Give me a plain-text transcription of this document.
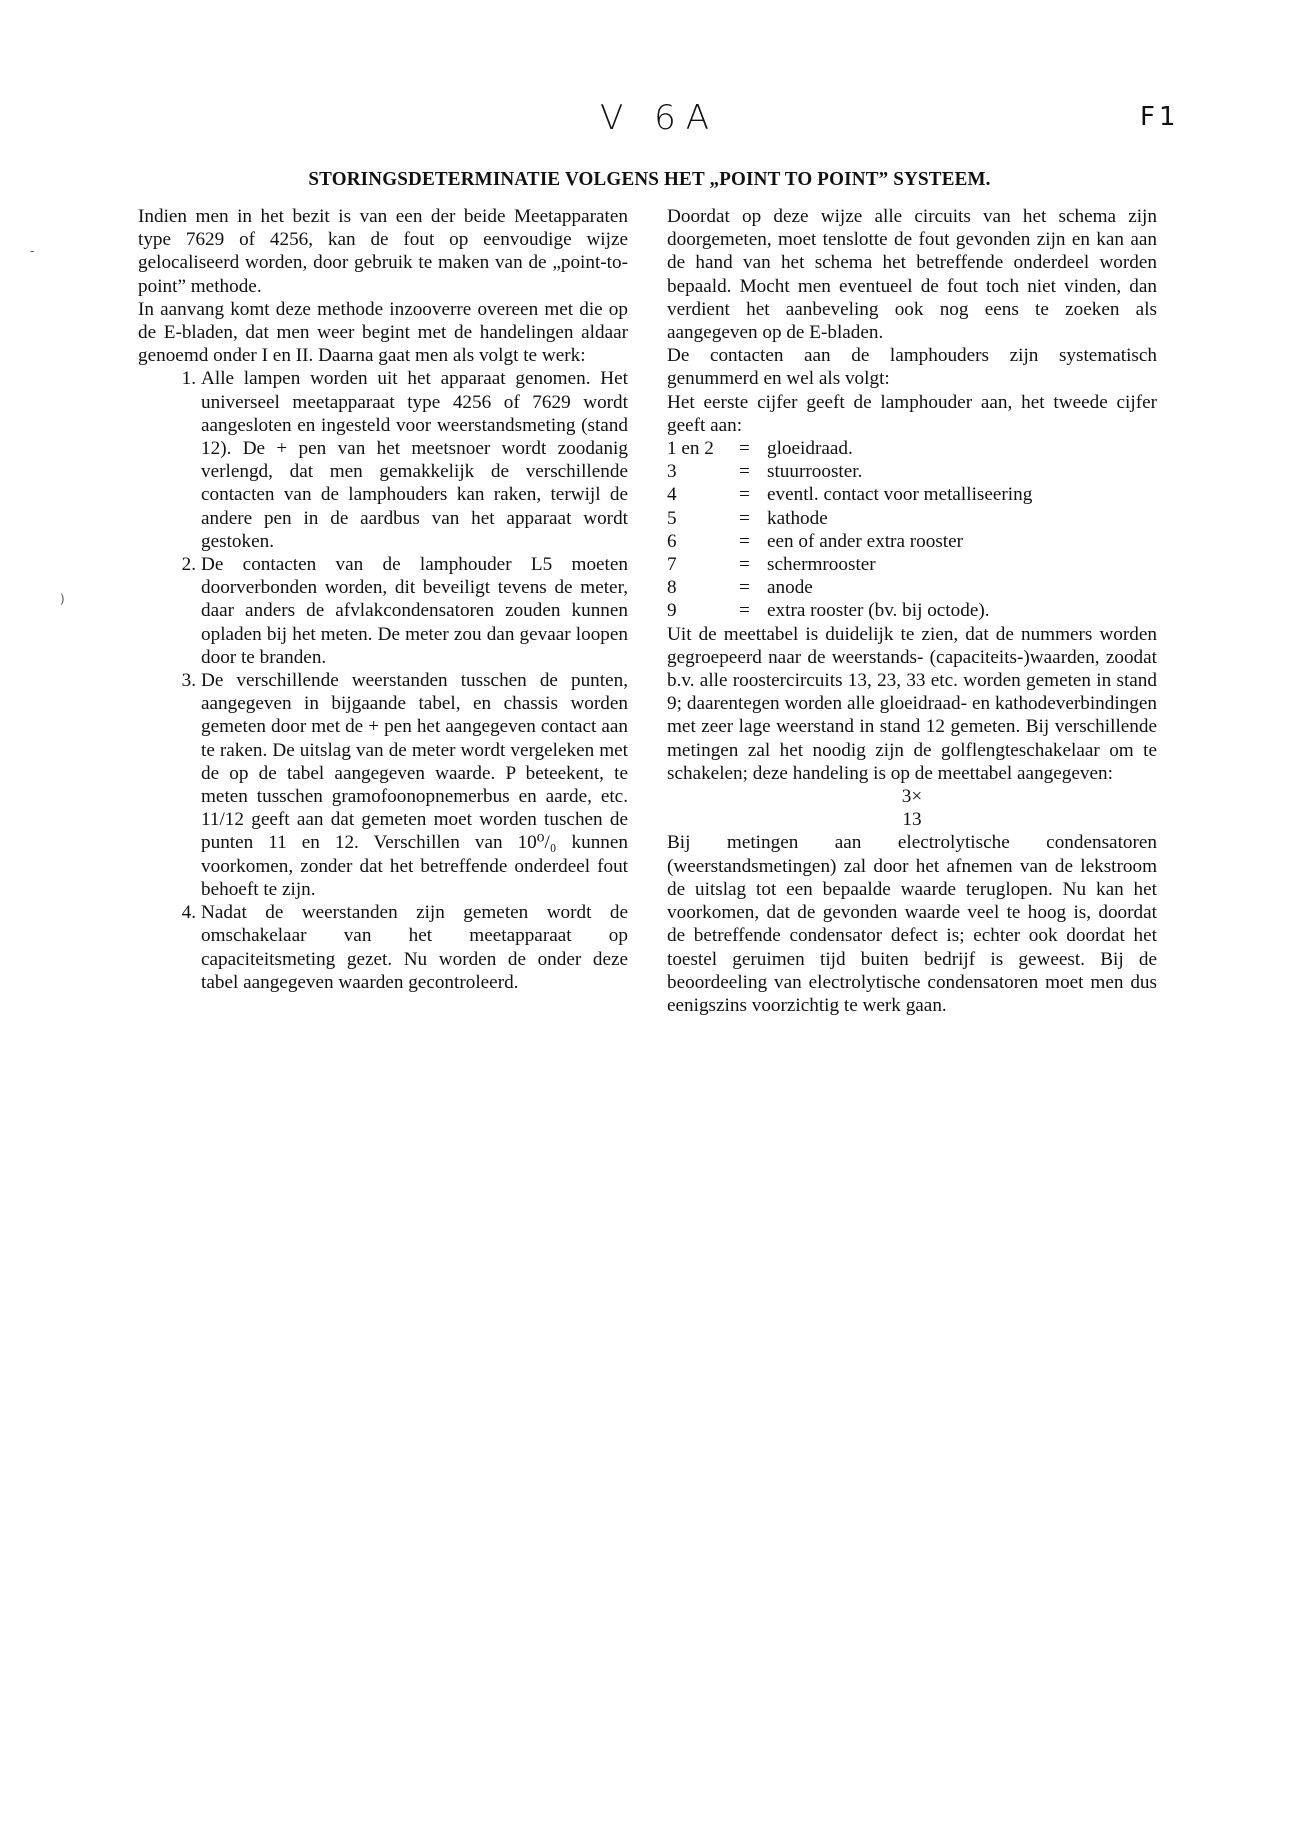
V 6A	F1
STORINGSDETERMINATIE VOLGENS HET „POINT TO POINT” SYSTEEM.

Indien men in het bezit is van een der beide Meetapparaten type 7629 of 4256, kan de fout op eenvoudige wijze gelocaliseerd worden, door gebruik te maken van de „point-to-point” methode.

In aanvang komt deze methode inzooverre overeen met die op de E-bladen, dat men weer begint met de handelingen aldaar genoemd onder I en II. Daarna gaat men als volgt te werk:

1. Alle lampen worden uit het apparaat genomen. Het universeel meetapparaat type 4256 of 7629 wordt aangesloten en ingesteld voor weerstandsmeting (stand 12). De + pen van het meetsnoer wordt zoodanig verlengd, dat men gemakkelijk de verschillende contacten van de lamphouders kan raken, terwijl de andere pen in de aardbus van het apparaat wordt gestoken.

2. De contacten van de lamphouder L5 moeten doorverbonden worden, dit beveiligt tevens de meter, daar anders de afvlakcondensatoren zouden kunnen opladen bij het meten. De meter zou dan gevaar loopen door te branden.

3. De verschillende weerstanden tusschen de punten, aangegeven in bijgaande tabel, en chassis worden gemeten door met de + pen het aangegeven contact aan te raken. De uitslag van de meter wordt vergeleken met de op de tabel aangegeven waarde. P beteekent, te meten tusschen gramofoonopnemerbus en aarde, etc. 11/12 geeft aan dat gemeten moet worden tuschen de punten 11 en 12. Verschillen van 10⁰/₀ kunnen voorkomen, zonder dat het betreffende onderdeel fout behoeft te zijn.

4. Nadat de weerstanden zijn gemeten wordt de omschakelaar van het meetapparaat op capaciteitsmeting gezet. Nu worden de onder deze tabel aangegeven waarden gecontroleerd.

Doordat op deze wijze alle circuits van het schema zijn doorgemeten, moet tenslotte de fout gevonden zijn en kan aan de hand van het schema het betreffende onderdeel worden bepaald. Mocht men eventueel de fout toch niet vinden, dan verdient het aanbeveling ook nog eens te zoeken als aangegeven op de E-bladen.

De contacten aan de lamphouders zijn systematisch genummerd en wel als volgt:

Het eerste cijfer geeft de lamphouder aan, het tweede cijfer geeft aan:

1 en 2	= gloeidraad.
3	= stuurrooster.
4	= eventl. contact voor metalliseering
5	= kathode
6	= een of ander extra rooster
7	= schermrooster
8	= anode
9	= extra rooster (bv. bij octode).

Uit de meettabel is duidelijk te zien, dat de nummers worden gegroepeerd naar de weerstands- (capaciteits-)waarden, zoodat b.v. alle roostercircuits 13, 23, 33 etc. worden gemeten in stand 9; daarentegen worden alle gloeidraad- en kathodeverbindingen met zeer lage weerstand in stand 12 gemeten. Bij verschillende metingen zal het noodig zijn de golflengteschakelaar om te schakelen; deze handeling is op de meettabel aangegeven:

3×
13

Bij metingen aan electrolytische condensatoren (weerstandsmetingen) zal door het afnemen van de lekstroom de uitslag tot een bepaalde waarde teruglopen. Nu kan het voorkomen, dat de gevonden waarde veel te hoog is, doordat de betreffende condensator defect is; echter ook doordat het toestel geruimen tijd buiten bedrijf is geweest. Bij de beoordeeling van electrolytische condensatoren moet men dus eenigszins voorzichtig te werk gaan.

-
)
